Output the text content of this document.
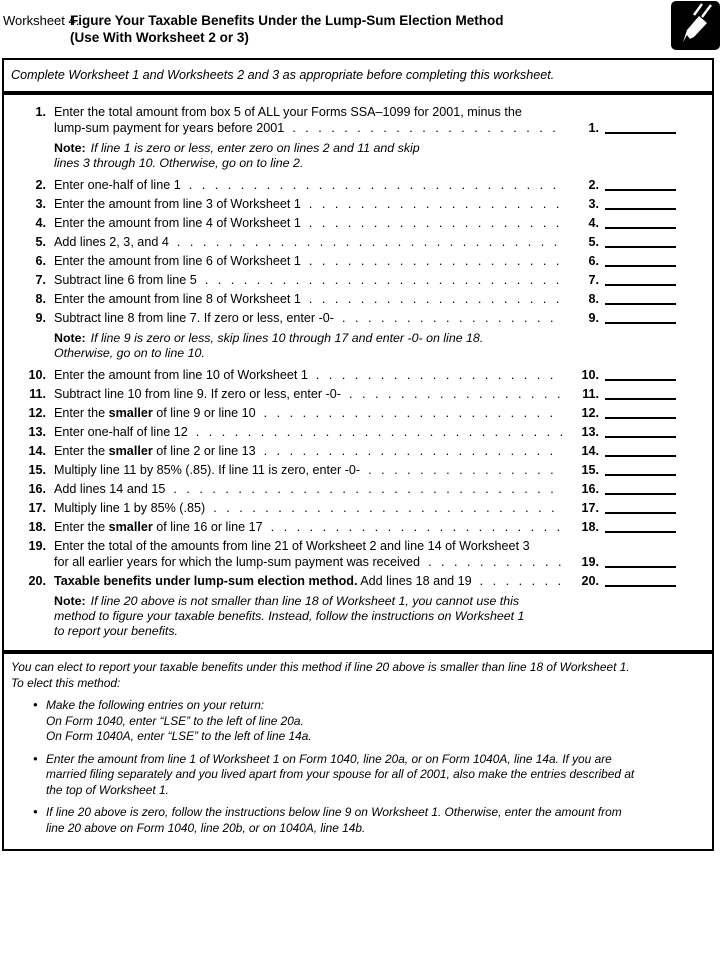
Worksheet 4.
Figure Your Taxable Benefits Under the Lump-Sum Election Method
(Use With Worksheet 2 or 3)
Complete Worksheet 1 and Worksheets 2 and 3 as appropriate before completing this worksheet.
1. Enter the total amount from box 5 of ALL your Forms SSA–1099 for 2001, minus the
lump-sum payment for years before 2001 . . .	1.
Note: If line 1 is zero or less, enter zero on lines 2 and 11 and skip
lines 3 through 10. Otherwise, go on to line 2.
2. Enter one-half of line 1 . . .	2.
3. Enter the amount from line 3 of Worksheet 1 . . .	3.
4. Enter the amount from line 4 of Worksheet 1 . . .	4.
5. Add lines 2, 3, and 4 . . .	5.
6. Enter the amount from line 6 of Worksheet 1 . . .	6.
7. Subtract line 6 from line 5 . . .	7.
8. Enter the amount from line 8 of Worksheet 1 . . .	8.
9. Subtract line 8 from line 7. If zero or less, enter -0- . . .	9.
Note: If line 9 is zero or less, skip lines 10 through 17 and enter -0- on line 18.
Otherwise, go on to line 10.
10. Enter the amount from line 10 of Worksheet 1 . . .	10.
11. Subtract line 10 from line 9. If zero or less, enter -0- . . .	11.
12. Enter the smaller of line 9 or line 10 . . .	12.
13. Enter one-half of line 12 . . .	13.
14. Enter the smaller of line 2 or line 13 . . .	14.
15. Multiply line 11 by 85% (.85). If line 11 is zero, enter -0- . . .	15.
16. Add lines 14 and 15 . . .	16.
17. Multiply line 1 by 85% (.85) . . .	17.
18. Enter the smaller of line 16 or line 17 . . .	18.
19. Enter the total of the amounts from line 21 of Worksheet 2 and line 14 of Worksheet 3
for all earlier years for which the lump-sum payment was received . . .	19.
20. Taxable benefits under lump-sum election method. Add lines 18 and 19 . . .	20.
Note: If line 20 above is not smaller than line 18 of Worksheet 1, you cannot use this
method to figure your taxable benefits. Instead, follow the instructions on Worksheet 1
to report your benefits.
You can elect to report your taxable benefits under this method if line 20 above is smaller than line 18 of Worksheet 1.
To elect this method:
●
Make the following entries on your return:
On Form 1040, enter “LSE” to the left of line 20a.
On Form 1040A, enter “LSE” to the left of line 14a.
●
Enter the amount from line 1 of Worksheet 1 on Form 1040, line 20a, or on Form 1040A, line 14a. If you are
married filing separately and you lived apart from your spouse for all of 2001, also make the entries described at
the top of Worksheet 1.
●
If line 20 above is zero, follow the instructions below line 9 on Worksheet 1. Otherwise, enter the amount from
line 20 above on Form 1040, line 20b, or on 1040A, line 14b.
